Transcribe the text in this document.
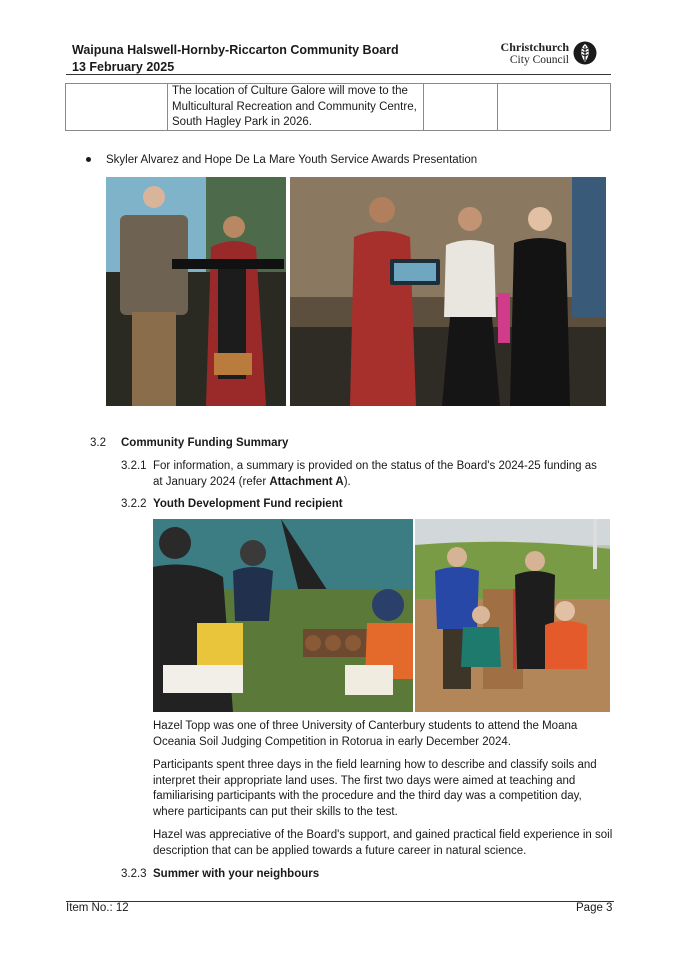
Waipuna Halswell-Hornby-Riccarton Community Board
13 February 2025
Christchurch
City Council
The location of Culture Galore will move to the Multicultural Recreation and Community Centre, South Hagley Park in 2026.
Skyler Alvarez and Hope De La Mare Youth Service Awards Presentation
3.2 Community Funding Summary
3.2.1 For information, a summary is provided on the status of the Board's 2024-25 funding as
at January 2024 (refer Attachment A).
3.2.2 Youth Development Fund recipient
Hazel Topp was one of three University of Canterbury students to attend the Moana Oceania Soil Judging Competition in Rotorua in early December 2024.
Participants spent three days in the field learning how to describe and classify soils and interpret their appropriate land uses. The first two days were aimed at teaching and familiarising participants with the procedure and the third day was a competition day, where participants can put their skills to the test.
Hazel was appreciative of the Board's support, and gained practical field experience in soil description that can be applied towards a future career in natural science.
3.2.3 Summer with your neighbours
Item No.: 12	Page 3
